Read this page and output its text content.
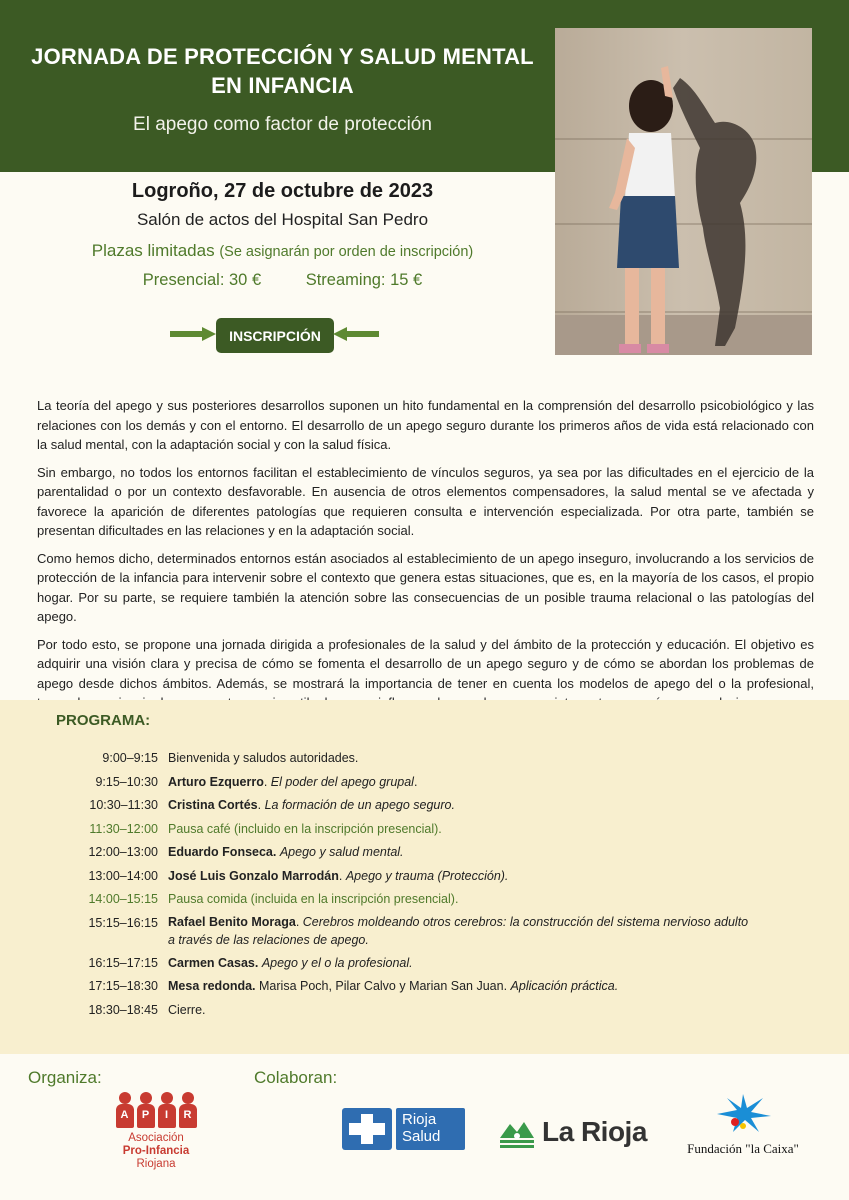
JORNADA DE PROTECCIÓN Y SALUD MENTAL
EN INFANCIA
El apego como factor de protección
Logroño, 27 de octubre de 2023
Salón de actos del Hospital San Pedro
Plazas limitadas (Se asignarán por orden de inscripción)
Presencial: 30 €	Streaming: 15 €
INSCRIPCIÓN

La teoría del apego y sus posteriores desarrollos suponen un hito fundamental en la comprensión del desarrollo psicobiológico y las relaciones con los demás y con el entorno. El desarrollo de un apego seguro durante los primeros años de vida está relacionado con la salud mental, con la adaptación social y con la salud física.

Sin embargo, no todos los entornos facilitan el establecimiento de vínculos seguros, ya sea por las dificultades en el ejercicio de la parentalidad o por un contexto desfavorable. En ausencia de otros elementos compensadores, la salud mental se ve afectada y favorece la aparición de diferentes patologías que requieren consulta e intervención especializada. Por otra parte, también se presentan dificultades en las relaciones y en la adaptación social.

Como hemos dicho, determinados entornos están asociados al establecimiento de un apego inseguro, involucrando a los servicios de protección de la infancia para intervenir sobre el contexto que genera estas situaciones, que es, en la mayoría de los casos, el propio hogar. Por su parte, se requiere también la atención sobre las consecuencias de un posible trauma relacional o las patologías del apego.

Por todo esto, se propone una jornada dirigida a profesionales de la salud y del ámbito de la protección y educación. El objetivo es adquirir una visión clara y precisa de cómo se fomenta el desarrollo de un apego seguro y de cómo se abordan los problemas de apego desde dichos ámbitos. Además, se mostrará la importancia de tener en cuenta los modelos de apego del o la profesional,

PROGRAMA:
9:00–9:15 Bienvenida y saludos autoridades.
9:15–10:30 Arturo Ezquerro. El poder del apego grupal.
10:30–11:30 Cristina Cortés. La formación de un apego seguro.
11:30–12:00 Pausa café (incluido en la inscripción presencial).
12:00–13:00 Eduardo Fonseca. Apego y salud mental.
13:00–14:00 José Luis Gonzalo Marrodán. Apego y trauma (Protección).
14:00–15:15 Pausa comida (incluida en la inscripción presencial).
15:15–16:15 Rafael Benito Moraga. Cerebros moldeando otros cerebros: la construcción del sistema nervioso adulto
a través de las relaciones de apego.
16:15–17:15 Carmen Casas. Apego y el o la profesional.
17:15–18:30 Mesa redonda. Marisa Poch, Pilar Calvo y Marian San Juan. Aplicación práctica.
18:30–18:45 Cierre.
Organiza:	Colaboran:
A	P	I	R
Asociación
Pro-Infancia
Riojana
Rioja
Salud	La Rioja
Fundación "la Caixa"
